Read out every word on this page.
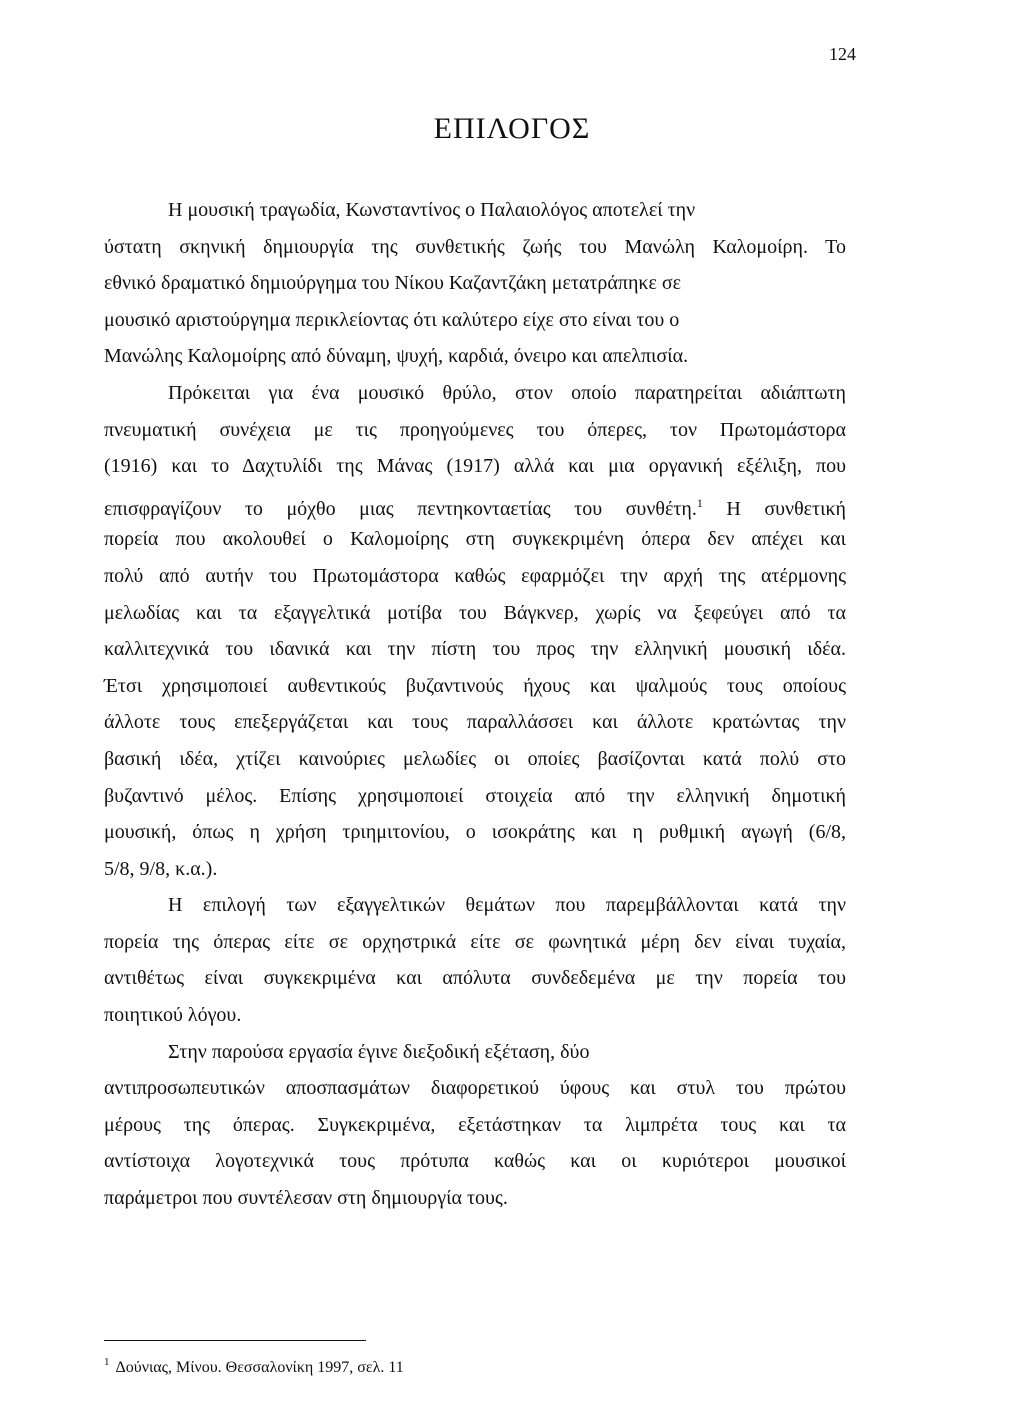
124
ΕΠΙΛΟΓΟΣ
Η μουσική τραγωδία, Κωνσταντίνος ο Παλαιολόγος αποτελεί την
ύστατη σκηνική δημιουργία της συνθετικής ζωής του Μανώλη Καλομοίρη. Το
εθνικό δραματικό δημιούργημα του Νίκου Καζαντζάκη μετατράπηκε σε
μουσικό αριστούργημα περικλείοντας ότι καλύτερο είχε στο είναι του ο
Μανώλης Καλομοίρης από δύναμη, ψυχή, καρδιά, όνειρο και απελπισία.
Πρόκειται για ένα μουσικό θρύλο, στον οποίο παρατηρείται αδιάπτωτη
πνευματική συνέχεια με τις προηγούμενες του όπερες, τον Πρωτομάστορα
(1916) και το Δαχτυλίδι της Μάνας (1917) αλλά και μια οργανική εξέλιξη, που
επισφραγίζουν το μόχθο μιας πεντηκονταετίας του συνθέτη.$^1$ Η συνθετική
πορεία που ακολουθεί ο Καλομοίρης στη συγκεκριμένη όπερα δεν απέχει και
πολύ από αυτήν του Πρωτομάστορα καθώς εφαρμόζει την αρχή της ατέρμονης
μελωδίας και τα εξαγγελτικά μοτίβα του Βάγκνερ, χωρίς να ξεφεύγει από τα
καλλιτεχνικά του ιδανικά και την πίστη του προς την ελληνική μουσική ιδέα.
Έτσι χρησιμοποιεί αυθεντικούς βυζαντινούς ήχους και ψαλμούς τους οποίους
άλλοτε τους επεξεργάζεται και τους παραλλάσσει και άλλοτε κρατώντας την
βασική ιδέα, χτίζει καινούριες μελωδίες οι οποίες βασίζονται κατά πολύ στο
βυζαντινό μέλος. Επίσης χρησιμοποιεί στοιχεία από την ελληνική δημοτική
μουσική, όπως η χρήση τριημιτονίου, ο ισοκράτης και η ρυθμική αγωγή (6/8,
5/8, 9/8, κ.α.).
Η επιλογή των εξαγγελτικών θεμάτων που παρεμβάλλονται κατά την
πορεία της όπερας είτε σε ορχηστρικά είτε σε φωνητικά μέρη δεν είναι τυχαία,
αντιθέτως είναι συγκεκριμένα και απόλυτα συνδεδεμένα με την πορεία του
ποιητικού λόγου.
Στην παρούσα εργασία έγινε διεξοδική εξέταση, δύο
αντιπροσωπευτικών αποσπασμάτων διαφορετικού ύφους και στυλ του πρώτου
μέρους της όπερας. Συγκεκριμένα, εξετάστηκαν τα λιμπρέτα τους και τα
αντίστοιχα λογοτεχνικά τους πρότυπα καθώς και οι κυριότεροι μουσικοί
παράμετροι που συντέλεσαν στη δημιουργία τους.
$^1$ Δούνιας, Μίνου. Θεσσαλονίκη 1997, σελ. 11
